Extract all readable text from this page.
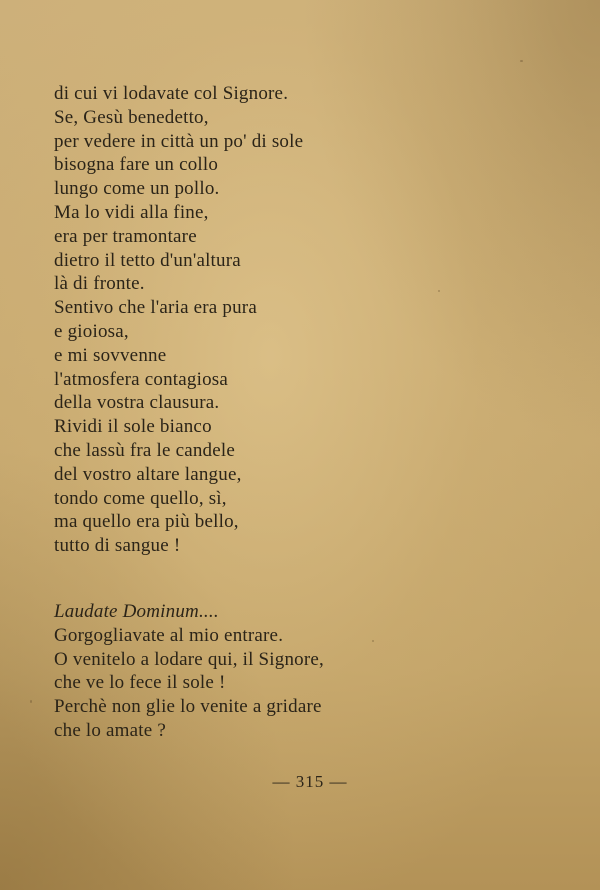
di cui vi lodavate col Signore.
Se, Gesù benedetto,
per vedere in città un po' di sole
bisogna fare un collo
lungo come un pollo.
Ma lo vidi alla fine,
era per tramontare
dietro il tetto d'un'altura
là di fronte.
Sentivo che l'aria era pura
e gioiosa,
e mi sovvenne
l'atmosfera contagiosa
della vostra clausura.
Rividi il sole bianco
che lassù fra le candele
del vostro altare langue,
tondo come quello, sì,
ma quello era più bello,
tutto di sangue !
Laudate Dominum....
Gorgogliavate al mio entrare.
O venitelo a lodare qui, il Signore,
che ve lo fece il sole !
Perchè non glie lo venite a gridare
che lo amate ?
— 315 —
